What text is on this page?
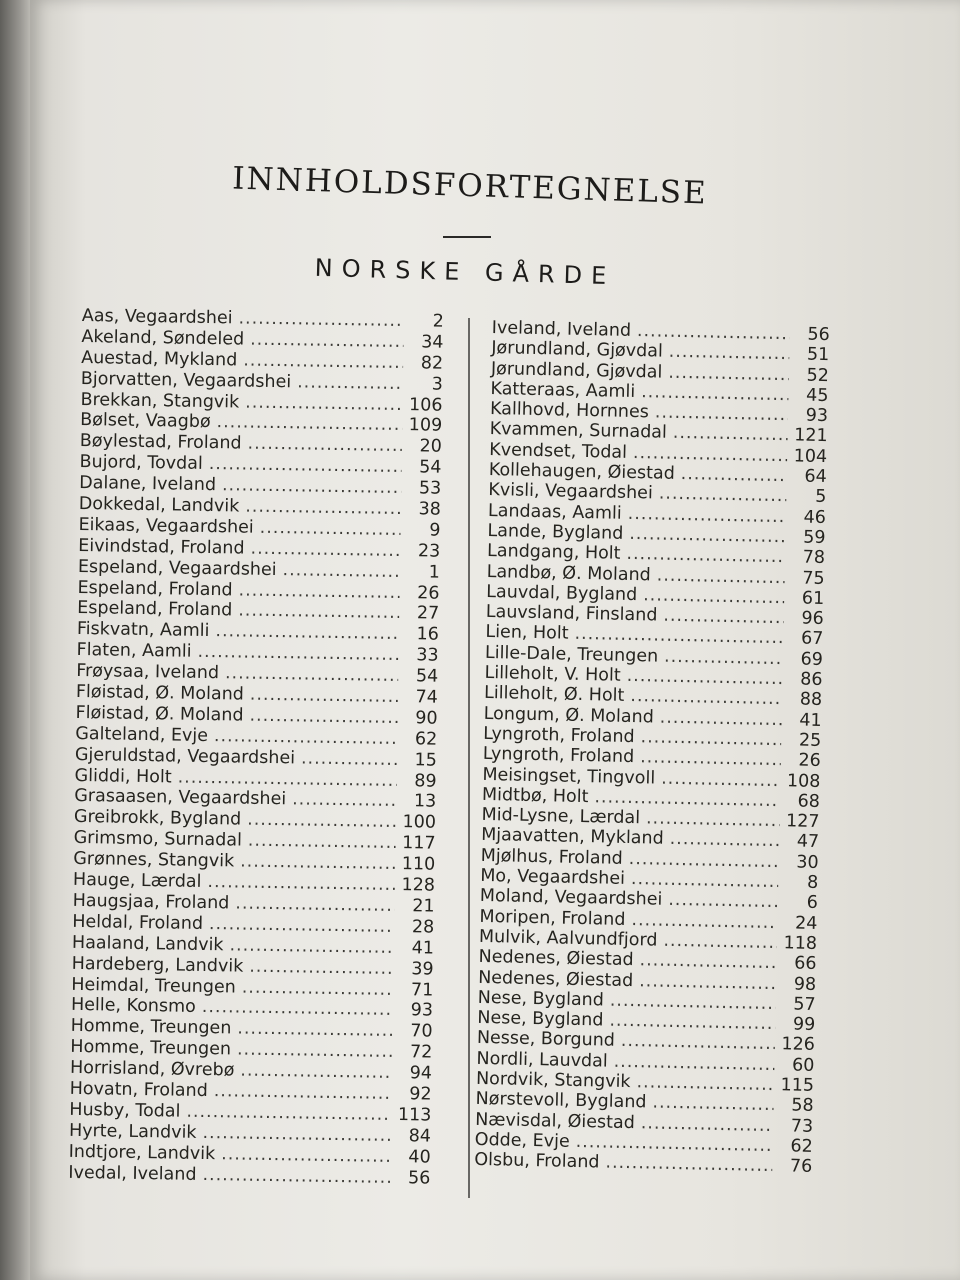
INNHOLDSFORTEGNELSE
NORSKE GÅRDE
Aas, Vegaardshei .....	2
Akeland, Søndeled .....	34
Auestad, Mykland .....	82
Bjorvatten, Vegaardshei .....	3
Brekkan, Stangvik .....	106
Bølset, Vaagbø .....	109
Bøylestad, Froland .....	20
Bujord, Tovdal .....	54
Dalane, Iveland .....	53
Dokkedal, Landvik .....	38
Eikaas, Vegaardshei .....	9
Eivindstad, Froland .....	23
Espeland, Vegaardshei .....	1
Espeland, Froland .....	26
Espeland, Froland .....	27
Fiskvatn, Aamli .....	16
Flaten, Aamli .....	33
Frøysaa, Iveland .....	54
Fløistad, Ø. Moland .....	74
Fløistad, Ø. Moland .....	90
Galteland, Evje .....	62
Gjeruldstad, Vegaardshei .....	15
Gliddi, Holt .....	89
Grasaasen, Vegaardshei .....	13
Greibrokk, Bygland .....	100
Grimsmo, Surnadal .....	117
Grønnes, Stangvik .....	110
Hauge, Lærdal .....	128
Haugsjaa, Froland .....	21
Heldal, Froland .....	28
Haaland, Landvik .....	41
Hardeberg, Landvik .....	39
Heimdal, Treungen .....	71
Helle, Konsmo .....	93
Homme, Treungen .....	70
Homme, Treungen .....	72
Horrisland, Øvrebø .....	94
Hovatn, Froland .....	92
Husby, Todal .....	113
Hyrte, Landvik .....	84
Indtjore, Landvik .....	40
Ivedal, Iveland .....	56
Iveland, Iveland .....	56
Jørundland, Gjøvdal .....	51
Jørundland, Gjøvdal .....	52
Katteraas, Aamli .....	45
Kallhovd, Hornnes .....	93
Kvammen, Surnadal .....	121
Kvendset, Todal .....	104
Kollehaugen, Øiestad .....	64
Kvisli, Vegaardshei .....	5
Landaas, Aamli .....	46
Lande, Bygland .....	59
Landgang, Holt .....	78
Landbø, Ø. Moland .....	75
Lauvdal, Bygland .....	61
Lauvsland, Finsland .....	96
Lien, Holt .....	67
Lille-Dale, Treungen .....	69
Lilleholt, V. Holt .....	86
Lilleholt, Ø. Holt .....	88
Longum, Ø. Moland .....	41
Lyngroth, Froland .....	25
Lyngroth, Froland .....	26
Meisingset, Tingvoll .....	108
Midtbø, Holt .....	68
Mid-Lysne, Lærdal .....	127
Mjaavatten, Mykland .....	47
Mjølhus, Froland .....	30
Mo, Vegaardshei .....	8
Moland, Vegaardshei .....	6
Moripen, Froland .....	24
Mulvik, Aalvundfjord .....	118
Nedenes, Øiestad .....	66
Nedenes, Øiestad .....	98
Nese, Bygland .....	57
Nese, Bygland .....	99
Nesse, Borgund .....	126
Nordli, Lauvdal .....	60
Nordvik, Stangvik .....	115
Nørstevoll, Bygland .....	58
Nævisdal, Øiestad .....	73
Odde, Evje .....	62
Olsbu, Froland .....	76
